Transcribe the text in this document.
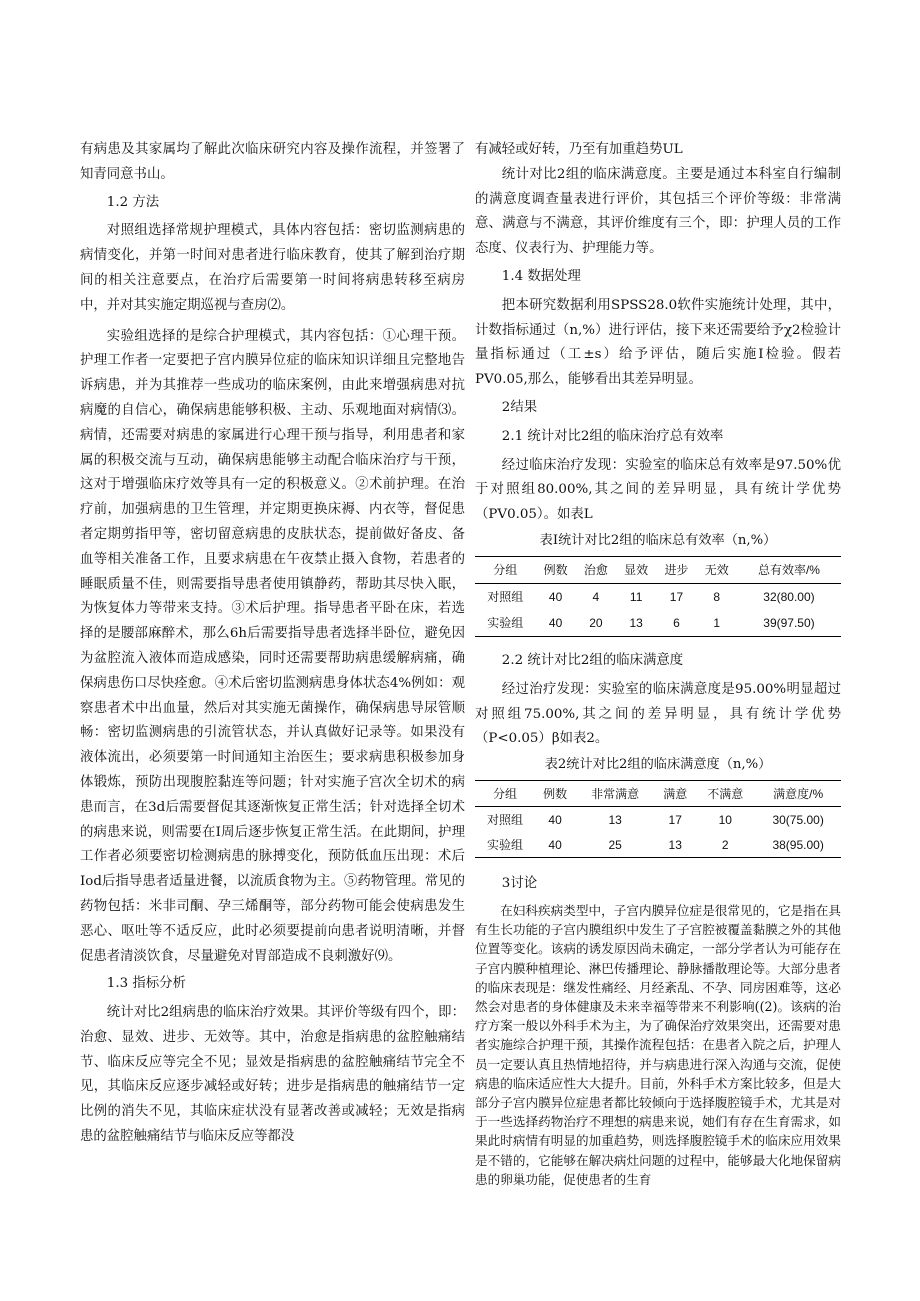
有病患及其家属均了解此次临床研究内容及操作流程，并签署了知青同意书山。

1.2 方法

对照组选择常规护理模式，具体内容包括：密切监测病患的病情变化，并第一时间对患者进行临床教育，使其了解到治疗期间的相关注意要点，在治疗后需要第一时间将病患转移至病房中，并对其实施定期巡视与查房⑵。

实验组选择的是综合护理模式，其内容包括：①心理干预。护理工作者一定要把子宫内膜异位症的临床知识详细且完整地告诉病患，并为其推荐一些成功的临床案例，由此来增强病患对抗病魔的自信心，确保病患能够积极、主动、乐观地面对病情⑶。病情，还需要对病患的家属进行心理干预与指导，利用患者和家属的积极交流与互动，确保病患能够主动配合临床治疗与干预，这对于增强临床疗效等具有一定的积极意义。②术前护理。在治疗前，加强病患的卫生管理，并定期更换床褥、内衣等，督促患者定期剪指甲等，密切留意病患的皮肤状态，提前做好备皮、备血等相关准备工作，且要求病患在午夜禁止摄入食物，若患者的睡眠质量不佳，则需要指导患者使用镇静药，帮助其尽快入眠，为恢复体力等带来支持。③术后护理。指导患者平卧在床，若选择的是腰部麻醉术，那么6h后需要指导患者选择半卧位，避免因为盆腔流入液体而造成感染，同时还需要帮助病患缓解病痛，确保病患伤口尽快痊愈。④术后密切监测病患身体状态4%例如：观察患者术中出血量，然后对其实施无菌操作，确保病患导尿管顺畅：密切监测病患的引流管状态，并认真做好记录等。如果没有液体流出，必须要第一时间通知主治医生；要求病患积极参加身体锻炼，预防出现腹腔黏连等问题；针对实施子宫次全切术的病患而言，在3d后需要督促其逐渐恢复正常生活；针对选择全切术的病患来说，则需要在I周后逐步恢复正常生活。在此期间，护理工作者必须要密切检测病患的脉搏变化，预防低血压出现：术后Iod后指导患者适量进餐，以流质食物为主。⑤药物管理。常见的药物包括：米非司酮、孕三烯酮等，部分药物可能会使病患发生恶心、呕吐等不适反应，此时必须要提前向患者说明清晰，并督促患者清淡饮食，尽量避免对胃部造成不良刺激好⑼。

1.3 指标分析

统计对比2组病患的临床治疗效果。其评价等级有四个，即：治愈、显效、进步、无效等。其中，治愈是指病患的盆腔触痛结节、临床反应等完全不见；显效是指病患的盆腔触痛结节完全不见，其临床反应逐步减轻或好转；进步是指病患的触痛结节一定比例的消失不见，其临床症状没有显著改善或减轻；无效是指病患的盆腔触痛结节与临床反应等都没

有减轻或好转，乃至有加重趋势UL

统计对比2组的临床满意度。主要是通过本科室自行编制的满意度调查量表进行评价，其包括三个评价等级：非常满意、满意与不满意，其评价维度有三个，即：护理人员的工作态度、仪表行为、护理能力等。

1.4 数据处理

把本研究数据利用SPSS28.0软件实施统计处理，其中，计数指标通过（n,%）进行评估，接下来还需要给予χ2检验计量指标通过（工±s）给予评估，随后实施I检验。假若PV0.05,那么，能够看出其差异明显。

2结果
2.1 统计对比2组的临床治疗总有效率

经过临床治疗发现：实验室的临床总有效率是97.50%优于对照组80.00%,其之间的差异明显，具有统计学优势（PV0.05）。如表L

表I统计对比2组的临床总有效率（n,%）
分组	例数	治愈	显效	进步	无效	总有效率/%
对照组	40	4	11	17	8	32(80.00)
实验组	40	20	13	6	1	39(97.50)
2.2 统计对比2组的临床满意度

经过治疗发现：实验室的临床满意度是95.00%明显超过对照组75.00%,其之间的差异明显，具有统计学优势（P<0.05）β如表2。

表2统计对比2组的临床满意度（n,%）
分组	例数	非常满意	满意	不满意	满意度/%
对照组	40	13	17	10	30(75.00)
实验组	40	25	13	2	38(95.00)
3讨论

在妇科疾病类型中，子宫内膜异位症是很常见的，它是指在具有生长功能的子宫内膜组织中发生了子宫腔被覆盖黏膜之外的其他位置等变化。该病的诱发原因尚未确定，一部分学者认为可能存在子宫内膜种植理论、淋巴传播理论、静脉播散理论等。大部分患者的临床表现是：继发性痛经、月经紊乱、不孕、同房困难等，这必然会对患者的身体健康及未来幸福等带来不利影响((2)。该病的治疗方案一般以外科手术为主，为了确保治疗效果突出，还需要对患者实施综合护理干预，其操作流程包括：在患者入院之后，护理人员一定要认真且热情地招待，并与病患进行深入沟通与交流，促使病患的临床适应性大大提升。目前，外科手术方案比较多，但是大部分子宫内膜异位症患者都比较倾向于选择腹腔镜手术，尤其是对于一些选择药物治疗不理想的病患来说，她们有存在生育需求，如果此时病情有明显的加重趋势，则选择腹腔镜手术的临床应用效果是不错的，它能够在解决病灶问题的过程中，能够最大化地保留病患的卵巢功能，促使患者的生育
